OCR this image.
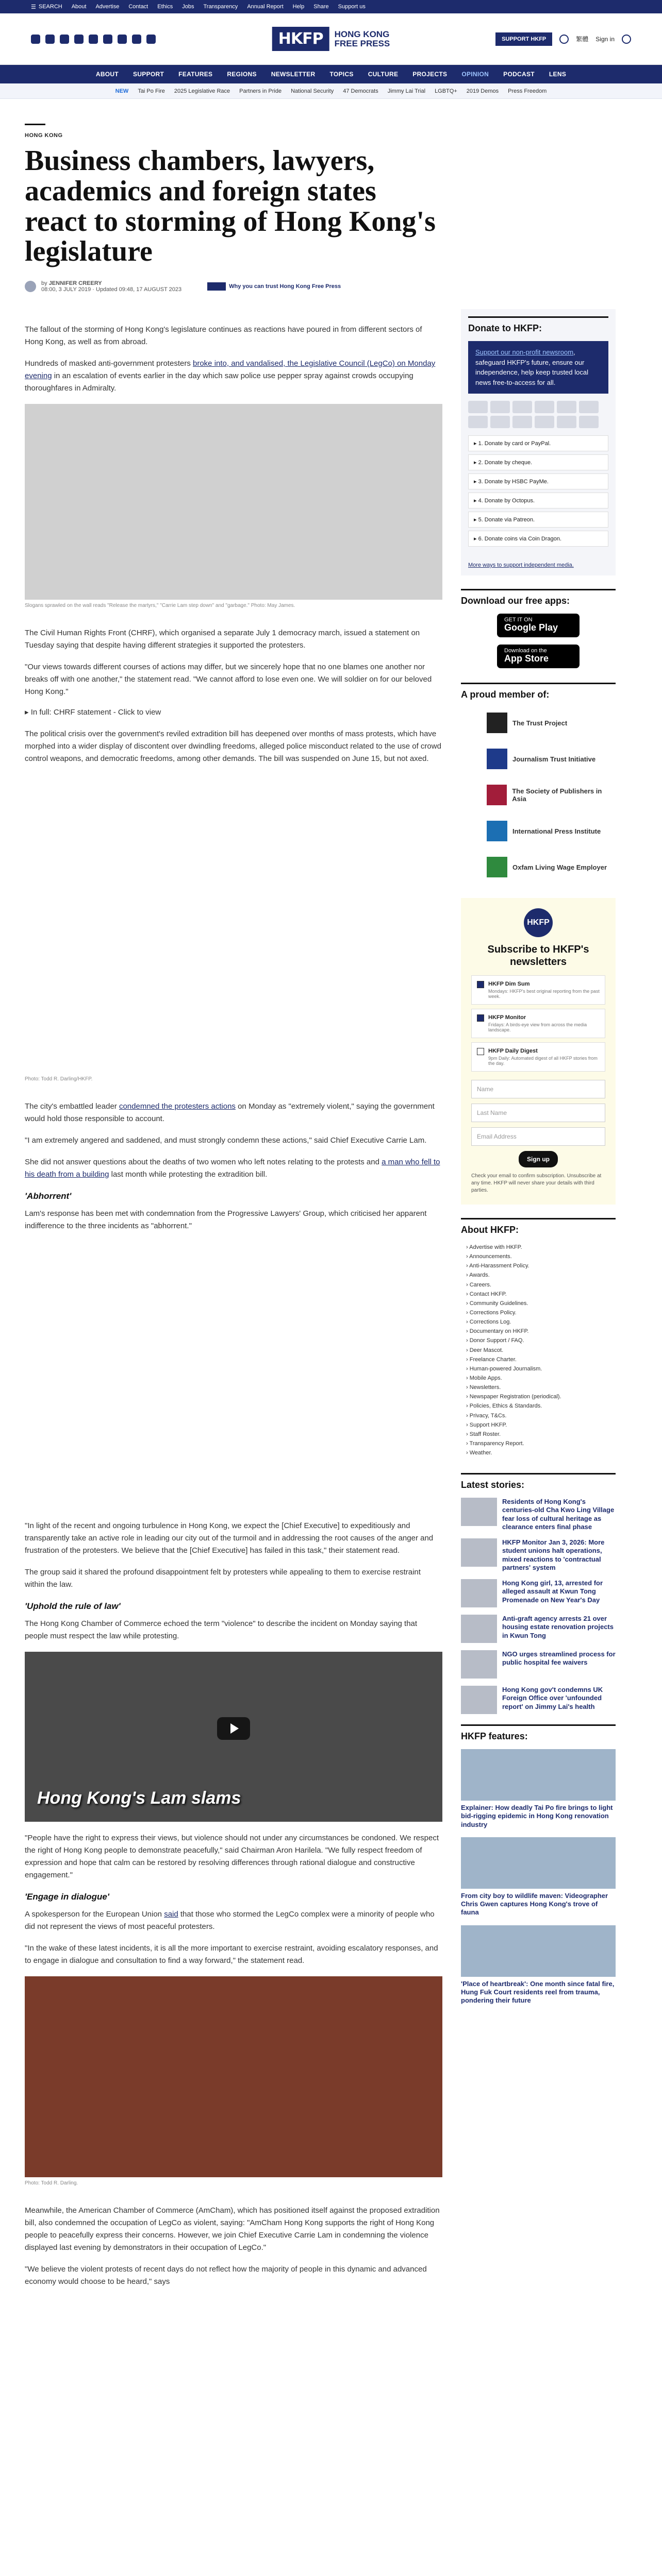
☰ SEARCH About Advertise Contact Ethics Jobs Transparency Annual Report Help Share Support us
HKFP	HONG KONG
FREE PRESS	SUPPORT HKFP	繁體 Sign in
ABOUT SUPPORT FEATURES REGIONS NEWSLETTER TOPICS CULTURE PROJECTS OPINION PODCAST LENS
NEW Tai Po Fire 2025 Legislative Race Partners in Pride National Security 47 Democrats Jimmy Lai Trial LGBTQ+ 2019 Demos Press Freedom
HONG KONG
Business chambers, lawyers, academics and foreign states react to storming of Hong Kong's legislature
by JENNIFER CREERY
08:00, 3 JULY 2019 · Updated 09:48, 17 AUGUST 2023	Why you can trust Hong Kong Free Press

The fallout of the storming of Hong Kong's legislature continues as reactions have poured in from different sectors of Hong Kong, as well as from abroad.

Hundreds of masked anti-government protesters broke into, and vandalised, the Legislative Council (LegCo) on Monday evening in an escalation of events earlier in the day which saw police use pepper spray against crowds occupying thoroughfares in Admiralty.

Slogans sprawled on the wall reads "Release the martyrs," "Carrie Lam step down" and "garbage." Photo: May James.

The Civil Human Rights Front (CHRF), which organised a separate July 1 democracy march, issued a statement on Tuesday saying that despite having different strategies it supported the protesters.

"Our views towards different courses of actions may differ, but we sincerely hope that no one blames one another nor breaks off with one another," the statement read. "We cannot afford to lose even one. We will soldier on for our beloved Hong Kong."

▸ In full: CHRF statement - Click to view

The political crisis over the government's reviled extradition bill has deepened over months of mass protests, which have morphed into a wider display of discontent over dwindling freedoms, alleged police misconduct related to the use of crowd control weapons, and democratic freedoms, among other demands. The bill was suspended on June 15, but not axed.

Photo: Todd R. Darling/HKFP.

The city's embattled leader condemned the protesters actions on Monday as "extremely violent," saying the government would hold those responsible to account.

"I am extremely angered and saddened, and must strongly condemn these actions," said Chief Executive Carrie Lam.

She did not answer questions about the deaths of two women who left notes relating to the protests and a man who fell to his death from a building last month while protesting the extradition bill.

'Abhorrent'

Lam's response has been met with condemnation from the Progressive Lawyers' Group, which criticised her apparent indifference to the three incidents as "abhorrent."

"In light of the recent and ongoing turbulence in Hong Kong, we expect the [Chief Executive] to expeditiously and transparently take an active role in leading our city out of the turmoil and in addressing the root causes of the anger and frustration of the protesters. We believe that the [Chief Executive] has failed in this task," their statement read.

The group said it shared the profound disappointment felt by protesters while appealing to them to exercise restraint within the law.

'Uphold the rule of law'

The Hong Kong Chamber of Commerce echoed the term "violence" to describe the incident on Monday saying that people must respect the law while protesting.

Hong Kong's Lam slams

"People have the right to express their views, but violence should not under any circumstances be condoned. We respect the right of Hong Kong people to demonstrate peacefully," said Chairman Aron Harilela. "We fully respect freedom of expression and hope that calm can be restored by resolving differences through rational dialogue and constructive engagement."

'Engage in dialogue'

A spokesperson for the European Union said that those who stormed the LegCo complex were a minority of people who did not represent the views of most peaceful protesters.

"In the wake of these latest incidents, it is all the more important to exercise restraint, avoiding escalatory responses, and to engage in dialogue and consultation to find a way forward," the statement read.

Photo: Todd R. Darling.

Meanwhile, the American Chamber of Commerce (AmCham), which has positioned itself against the proposed extradition bill, also condemned the occupation of LegCo as violent, saying: "AmCham Hong Kong supports the right of Hong Kong people to peacefully express their concerns. However, we join Chief Executive Carrie Lam in condemning the violence displayed last evening by demonstrators in their occupation of LegCo."

"We believe the violent protests of recent days do not reflect how the majority of people in this dynamic and advanced economy would choose to be heard," says

Donate to HKFP:
Support our non-profit newsroom, safeguard HKFP's future, ensure our independence, help keep trusted local news free-to-access for all.
▸ 1. Donate by card or PayPal.
▸ 2. Donate by cheque.
▸ 3. Donate by HSBC PayMe.
▸ 4. Donate by Octopus.
▸ 5. Donate via Patreon.
▸ 6. Donate coins via Coin Dragon.
More ways to support independent media.
Download our free apps:
GET IT ON
Google Play
Download on the
App Store
A proud member of:
The Trust Project
Journalism Trust Initiative
The Society of Publishers in Asia
International Press Institute
Oxfam Living Wage Employer
HKFP
Subscribe to HKFP's newsletters
HKFP Dim Sum
Mondays: HKFP's best original reporting from the past week.
HKFP Monitor
Fridays: A birds-eye view from across the media landscape.
HKFP Daily Digest
9pm Daily: Automated digest of all HKFP stories from the day.
Name
Last Name
Email Address
Sign up
Check your email to confirm subscription. Unsubscribe at any time. HKFP will never share your details with third parties.
About HKFP:
› Advertise with HKFP.
› Announcements.
› Anti-Harassment Policy.
› Awards.
› Careers.
› Contact HKFP.
› Community Guidelines.
› Corrections Policy.
› Corrections Log.
› Documentary on HKFP.
› Donor Support / FAQ.
› Deer Mascot.
› Freelance Charter.
› Human-powered Journalism.
› Mobile Apps.
› Newsletters.
› Newspaper Registration (periodical).
› Policies, Ethics & Standards.
› Privacy, T&Cs.
› Support HKFP.
› Staff Roster.
› Transparency Report.
› Weather.
Latest stories:
Residents of Hong Kong's centuries-old Cha Kwo Ling Village fear loss of cultural heritage as clearance enters final phase
HKFP Monitor Jan 3, 2026: More student unions halt operations, mixed reactions to 'contractual partners' system
Hong Kong girl, 13, arrested for alleged assault at Kwun Tong Promenade on New Year's Day
Anti-graft agency arrests 21 over housing estate renovation projects in Kwun Tong
NGO urges streamlined process for public hospital fee waivers
Hong Kong gov't condemns UK Foreign Office over 'unfounded report' on Jimmy Lai's health
HKFP features:
Explainer: How deadly Tai Po fire brings to light bid-rigging epidemic in Hong Kong renovation industry
From city boy to wildlife maven: Videographer Chris Gwen captures Hong Kong's trove of fauna
'Place of heartbreak': One month since fatal fire, Hung Fuk Court residents reel from trauma, pondering their future
